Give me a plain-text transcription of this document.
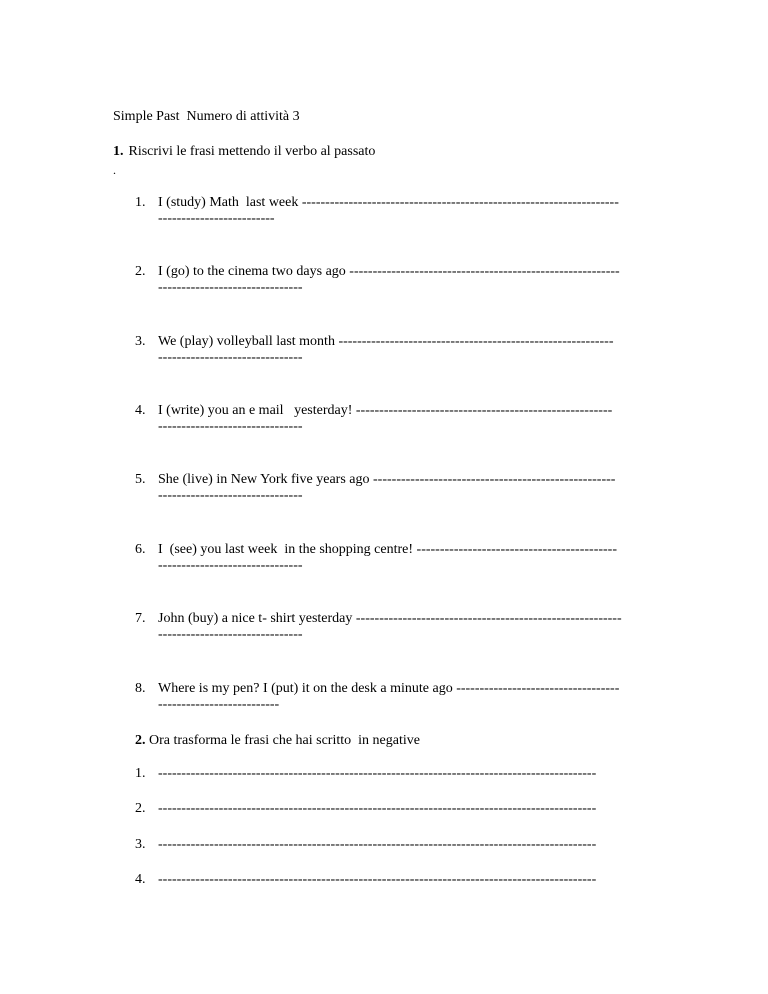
Simple Past  Numero di attività 3
1. Riscrivi le frasi mettendo il verbo al passato
.
1. I (study) Math  last week --------------------------------------------------------------------
-------------------------
2. I (go) to the cinema two days ago ----------------------------------------------------------
-------------------------------
3. We (play) volleyball last month -----------------------------------------------------------
-------------------------------
4. I (write) you an e mail   yesterday! -------------------------------------------------------
-------------------------------
5. She (live) in New York five years ago ----------------------------------------------------
-------------------------------
6. I  (see) you last week  in the shopping centre! -------------------------------------------
-------------------------------
7. John (buy) a nice t- shirt yesterday ---------------------------------------------------------
-------------------------------
8. Where is my pen? I (put) it on the desk a minute ago -----------------------------------
--------------------------
2. Ora trasforma le frasi che hai scritto  in negative
1. ----------------------------------------------------------------------------------------------
2. ----------------------------------------------------------------------------------------------
3. ----------------------------------------------------------------------------------------------
4. ----------------------------------------------------------------------------------------------
